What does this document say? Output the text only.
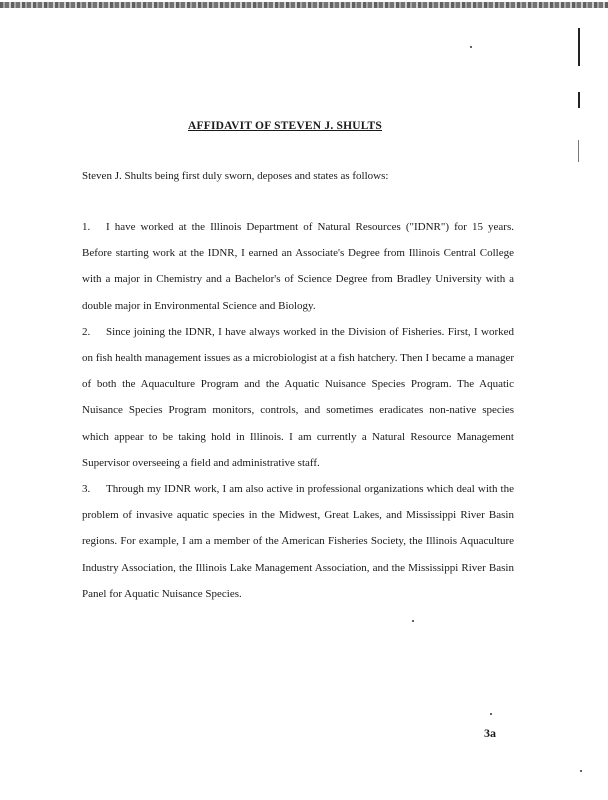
AFFIDAVIT OF STEVEN J. SHULTS

Steven J. Shults being first duly sworn, deposes and states as follows:

1. I have worked at the Illinois Department of Natural Resources ("IDNR") for 15 years. Before starting work at the IDNR, I earned an Associate's Degree from Illinois Central College with a major in Chemistry and a Bachelor's of Science Degree from Bradley University with a double major in Environmental Science and Biology.

2. Since joining the IDNR, I have always worked in the Division of Fisheries. First, I worked on fish health management issues as a microbiologist at a fish hatchery. Then I became a manager of both the Aquaculture Program and the Aquatic Nuisance Species Program. The Aquatic Nuisance Species Program monitors, controls, and sometimes eradicates non-native species which appear to be taking hold in Illinois. I am currently a Natural Resource Management Supervisor overseeing a field and administrative staff.

3. Through my IDNR work, I am also active in professional organizations which deal with the problem of invasive aquatic species in the Midwest, Great Lakes, and Mississippi River Basin regions. For example, I am a member of the American Fisheries Society, the Illinois Aquaculture Industry Association, the Illinois Lake Management Association, and the Mississippi River Basin Panel for Aquatic Nuisance Species.

3a
